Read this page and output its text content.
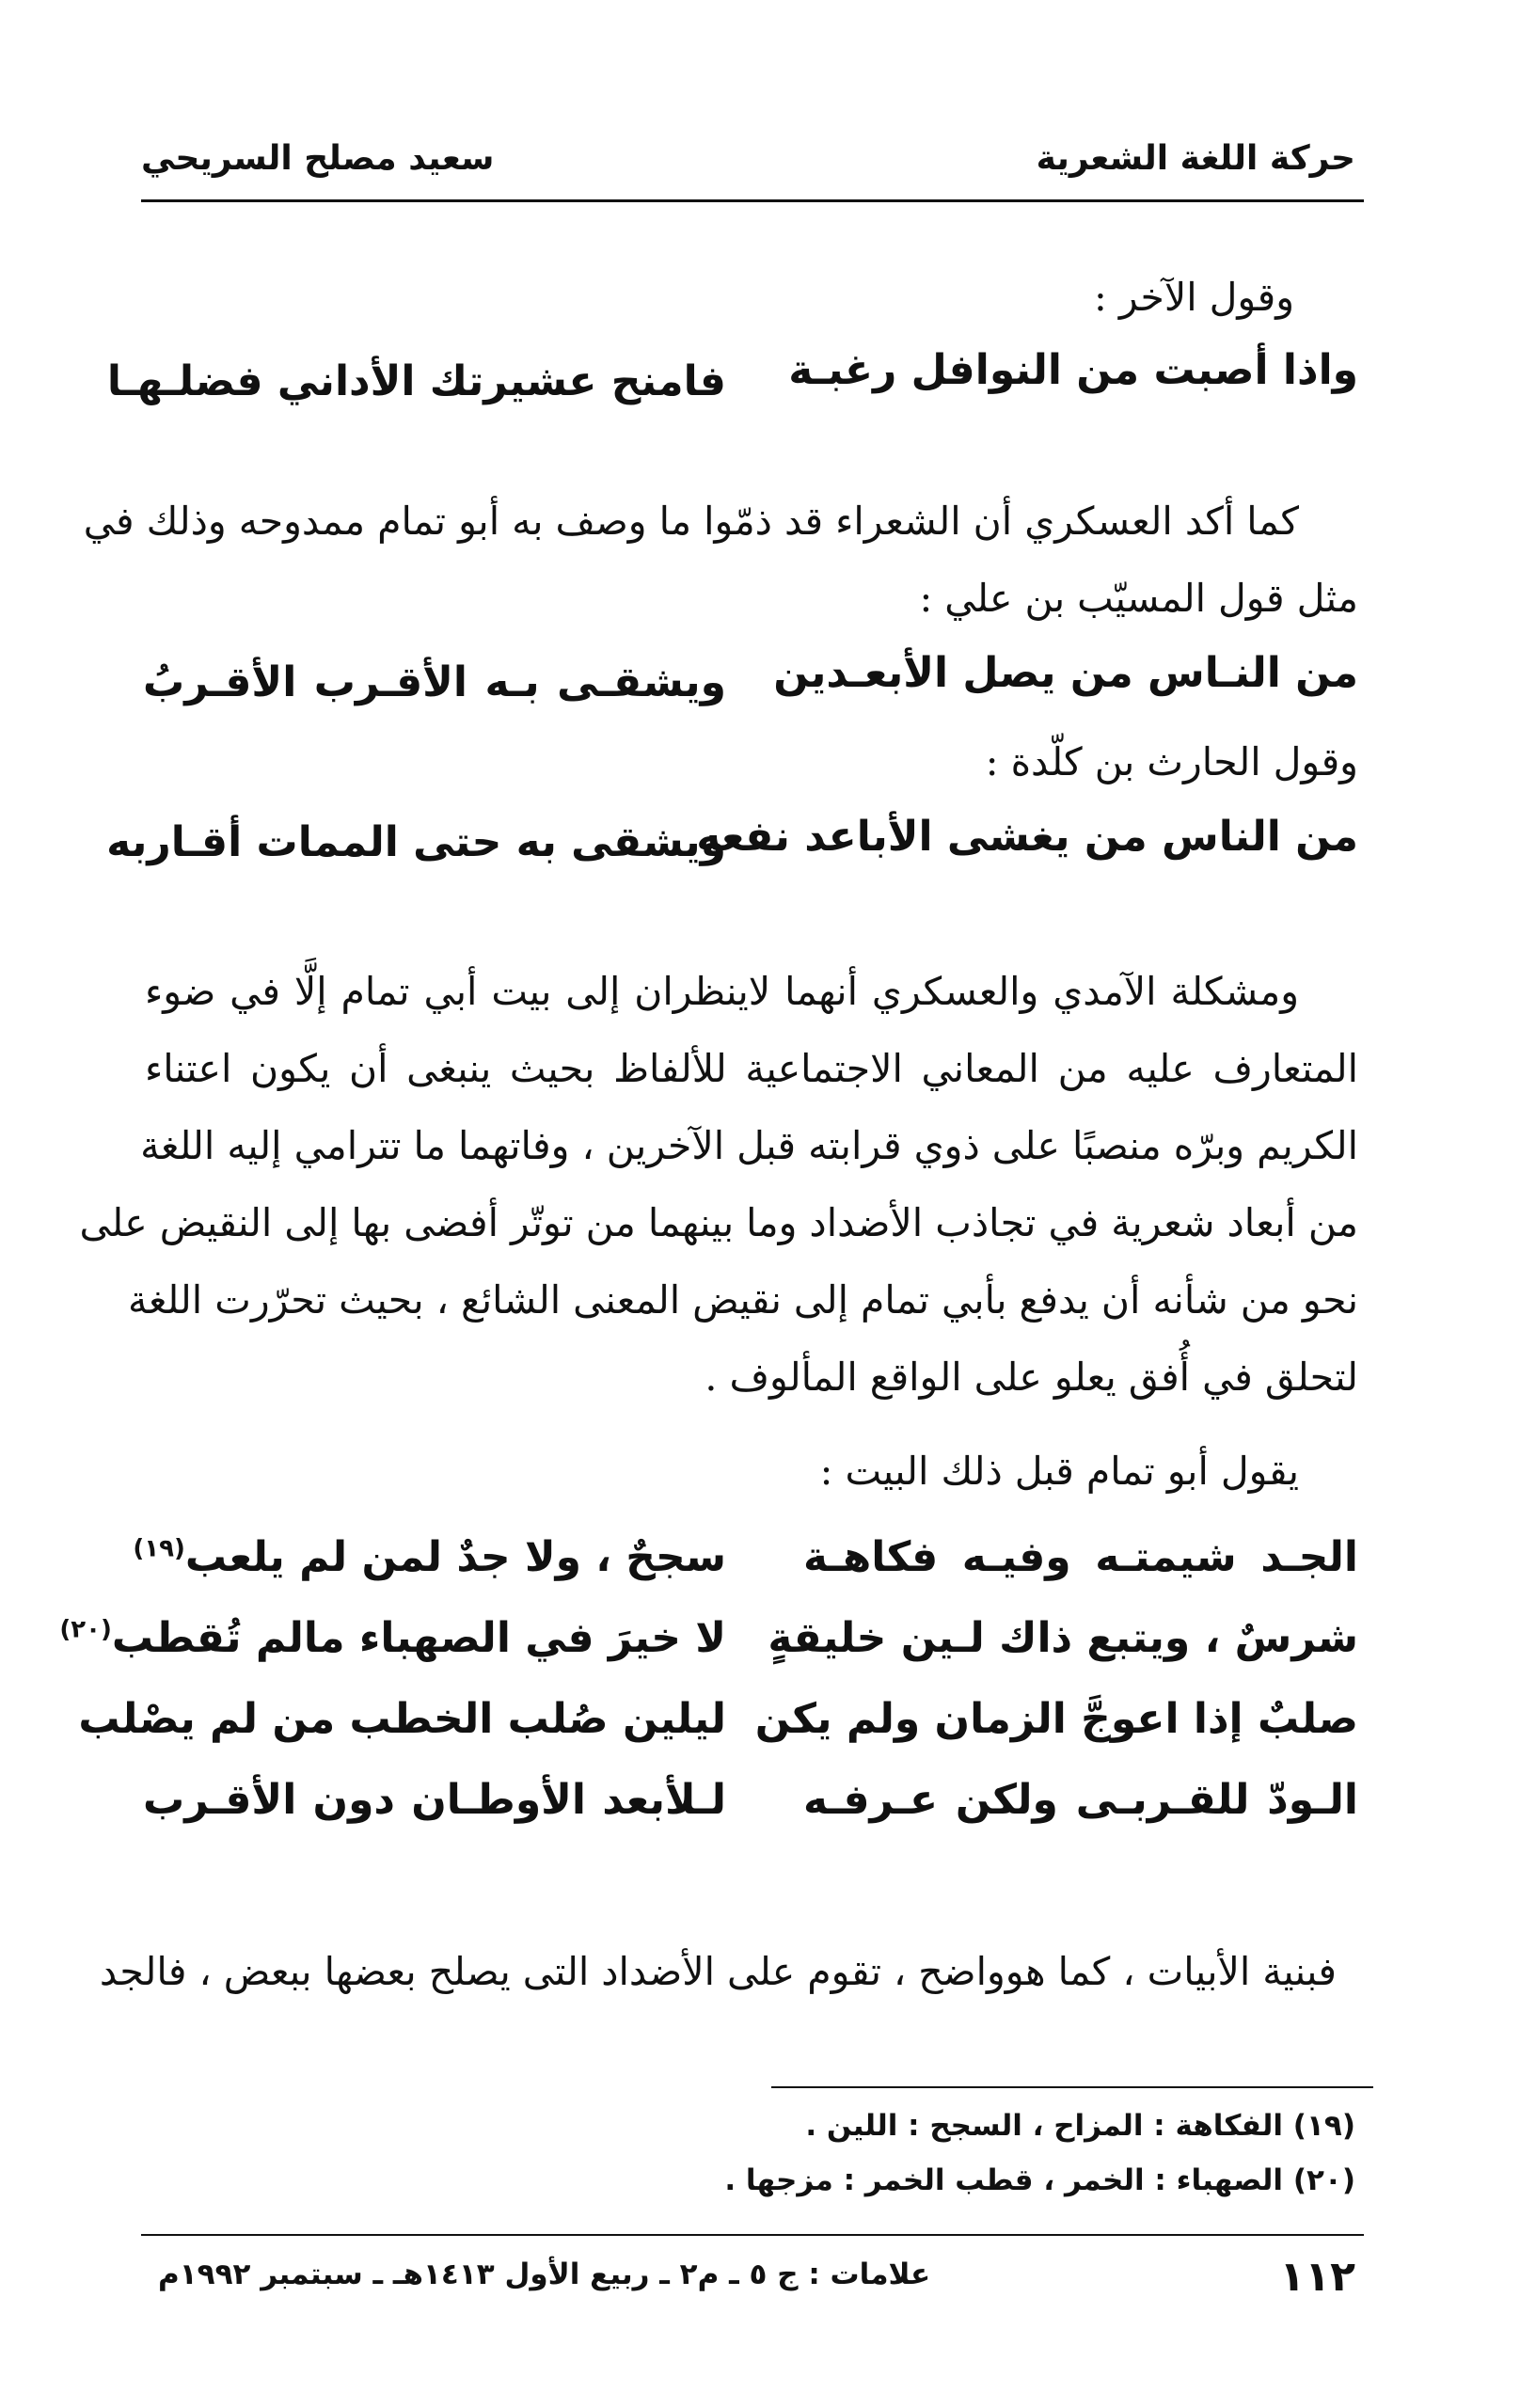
حركة اللغة الشعرية
سعيد مصلح السريحي
وقول الآخر :
واذا أصبت من النوافل رغبـة
فامنح عشيرتك الأداني فضلـهـا
كما أكد العسكري أن الشعراء قد ذمّوا ما وصف به أبو تمام ممدوحه وذلك في
مثل قول المسيّب بن علي :
من النـاس من يصل الأبعـدين
ويشقـى بـه الأقـرب الأقـربُ
وقول الحارث بن كلّدة :
من الناس من يغشى الأباعد نفعه
ويشقى به حتى الممات أقـاربه
ومشكلة الآمدي والعسكري أنهما لاينظران إلى بيت أبي تمام إلَّا في ضوء
المتعارف عليه من المعاني الاجتماعية للألفاظ بحيث ينبغى أن يكون اعتناء
الكريم وبرّه منصبًا على ذوي قرابته قبل الآخرين ، وفاتهما ما تترامي إليه اللغة
من أبعاد شعرية في تجاذب الأضداد وما بينهما من توتّر أفضى بها إلى النقيض على
نحو من شأنه أن يدفع بأبي تمام إلى نقيض المعنى الشائع ، بحيث تحرّرت اللغة
لتحلق في أُفق يعلو على الواقع المألوف .
يقول أبو تمام قبل ذلك البيت :
الجـد شيمتـه وفيـه فكاهـة
سجحٌ ، ولا جدٌ لمن لم يلعب$^{(١٩)}$
شرسٌ ، ويتبع ذاك لـين خليقةٍ
لا خيرَ في الصهباء مالم تُقطب$^{(٢٠)}$
صلبٌ إذا اعوجَّ الزمان ولم يكن
ليلين صُلب الخطب من لم يصْلب
الـودّ للقـربـى ولكن عـرفـه
لـلأبعد الأوطـان دون الأقـرب
فبنية الأبيات ، كما هوواضح ، تقوم على الأضداد التى يصلح بعضها ببعض ، فالجد
(١٩) الفكاهة : المزاح ، السجح : اللين .
(٢٠) الصهباء : الخمر ، قطب الخمر : مزجها .
١١٢
علامات : ج ٥ ـ م٢ ـ ربيع الأول ١٤١٣هـ ـ سبتمبر ١٩٩٢م
